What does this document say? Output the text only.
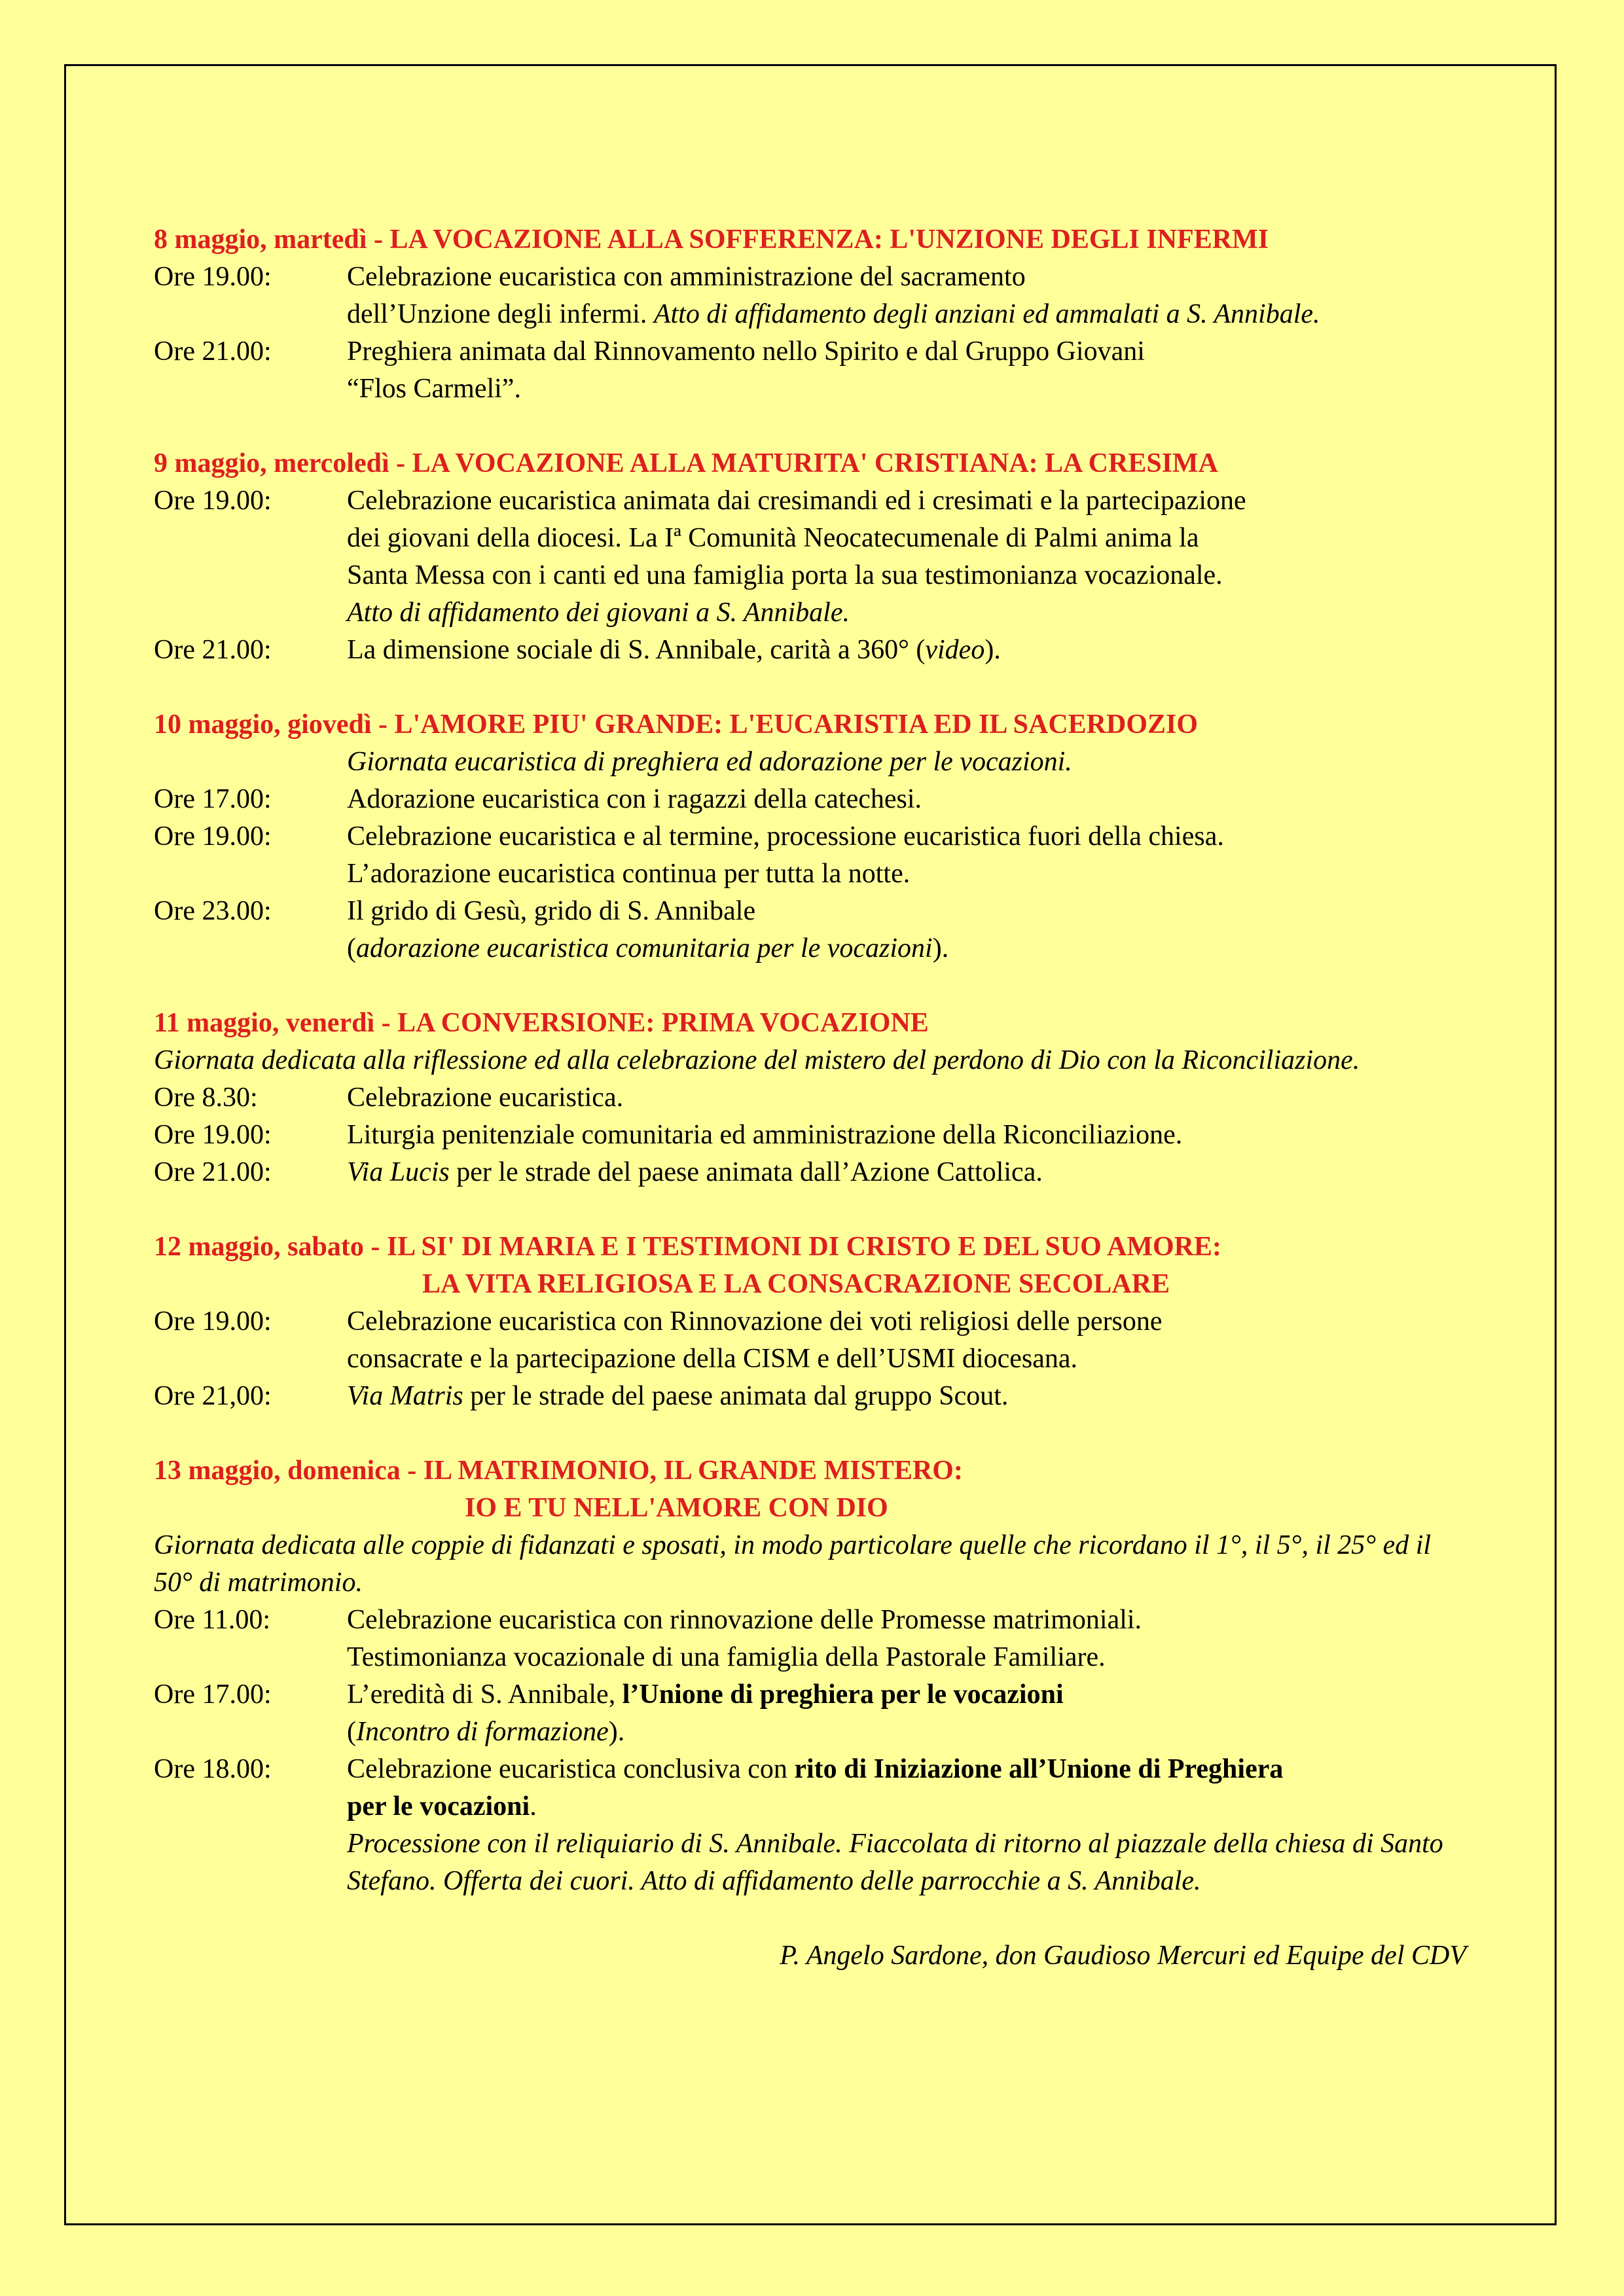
8 maggio, martedì - LA VOCAZIONE ALLA SOFFERENZA: L'UNZIONE DEGLI INFERMI
Ore 19.00:	Celebrazione eucaristica con amministrazione del sacramento
dell’Unzione degli infermi. Atto di affidamento degli anziani ed ammalati a S. Annibale.
Ore 21.00:	Preghiera animata dal Rinnovamento nello Spirito e dal Gruppo Giovani
“Flos Carmeli”.
9 maggio, mercoledì - LA VOCAZIONE ALLA MATURITA' CRISTIANA: LA CRESIMA
Ore 19.00:	Celebrazione eucaristica animata dai cresimandi ed i cresimati e la partecipazione
dei giovani della diocesi. La Iª Comunità Neocatecumenale di Palmi anima la
Santa Messa con i canti ed una famiglia porta la sua testimonianza vocazionale.
Atto di affidamento dei giovani a S. Annibale.
Ore 21.00:	La dimensione sociale di S. Annibale, carità a 360° (video).
10 maggio, giovedì - L'AMORE PIU' GRANDE: L'EUCARISTIA ED IL SACERDOZIO
Giornata eucaristica di preghiera ed adorazione per le vocazioni.
Ore 17.00:	Adorazione eucaristica con i ragazzi della catechesi.
Ore 19.00:	Celebrazione eucaristica e al termine, processione eucaristica fuori della chiesa.
L’adorazione eucaristica continua per tutta la notte.
Ore 23.00:	Il grido di Gesù, grido di S. Annibale
(adorazione eucaristica comunitaria per le vocazioni).
11 maggio, venerdì - LA CONVERSIONE: PRIMA VOCAZIONE
Giornata dedicata alla riflessione ed alla celebrazione del mistero del perdono di Dio con la Riconciliazione.
Ore 8.30:	Celebrazione eucaristica.
Ore 19.00:	Liturgia penitenziale comunitaria ed amministrazione della Riconciliazione.
Ore 21.00:	Via Lucis per le strade del paese animata dall’Azione Cattolica.
12 maggio, sabato - IL SI' DI MARIA E I TESTIMONI DI CRISTO E DEL SUO AMORE:
LA VITA RELIGIOSA E LA CONSACRAZIONE SECOLARE
Ore 19.00:	Celebrazione eucaristica con Rinnovazione dei voti religiosi delle persone
consacrate e la partecipazione della CISM e dell’USMI diocesana.
Ore 21,00:	Via Matris per le strade del paese animata dal gruppo Scout.
13 maggio, domenica - IL MATRIMONIO, IL GRANDE MISTERO:
IO E TU NELL'AMORE CON DIO
Giornata dedicata alle coppie di fidanzati e sposati, in modo particolare quelle che ricordano il 1°, il 5°, il 25° ed il 50° di matrimonio.
Ore 11.00:	Celebrazione eucaristica con rinnovazione delle Promesse matrimoniali.
Testimonianza vocazionale di una famiglia della Pastorale Familiare.
Ore 17.00:	L’eredità di S. Annibale, l’Unione di preghiera per le vocazioni
(Incontro di formazione).
Ore 18.00:	Celebrazione eucaristica conclusiva con rito di Iniziazione all’Unione di Preghiera
per le vocazioni.
Processione con il reliquiario di S. Annibale. Fiaccolata di ritorno al piazzale della chiesa di Santo Stefano. Offerta dei cuori. Atto di affidamento delle parrocchie a S. Annibale.
P. Angelo Sardone, don Gaudioso Mercuri ed Equipe del CDV
